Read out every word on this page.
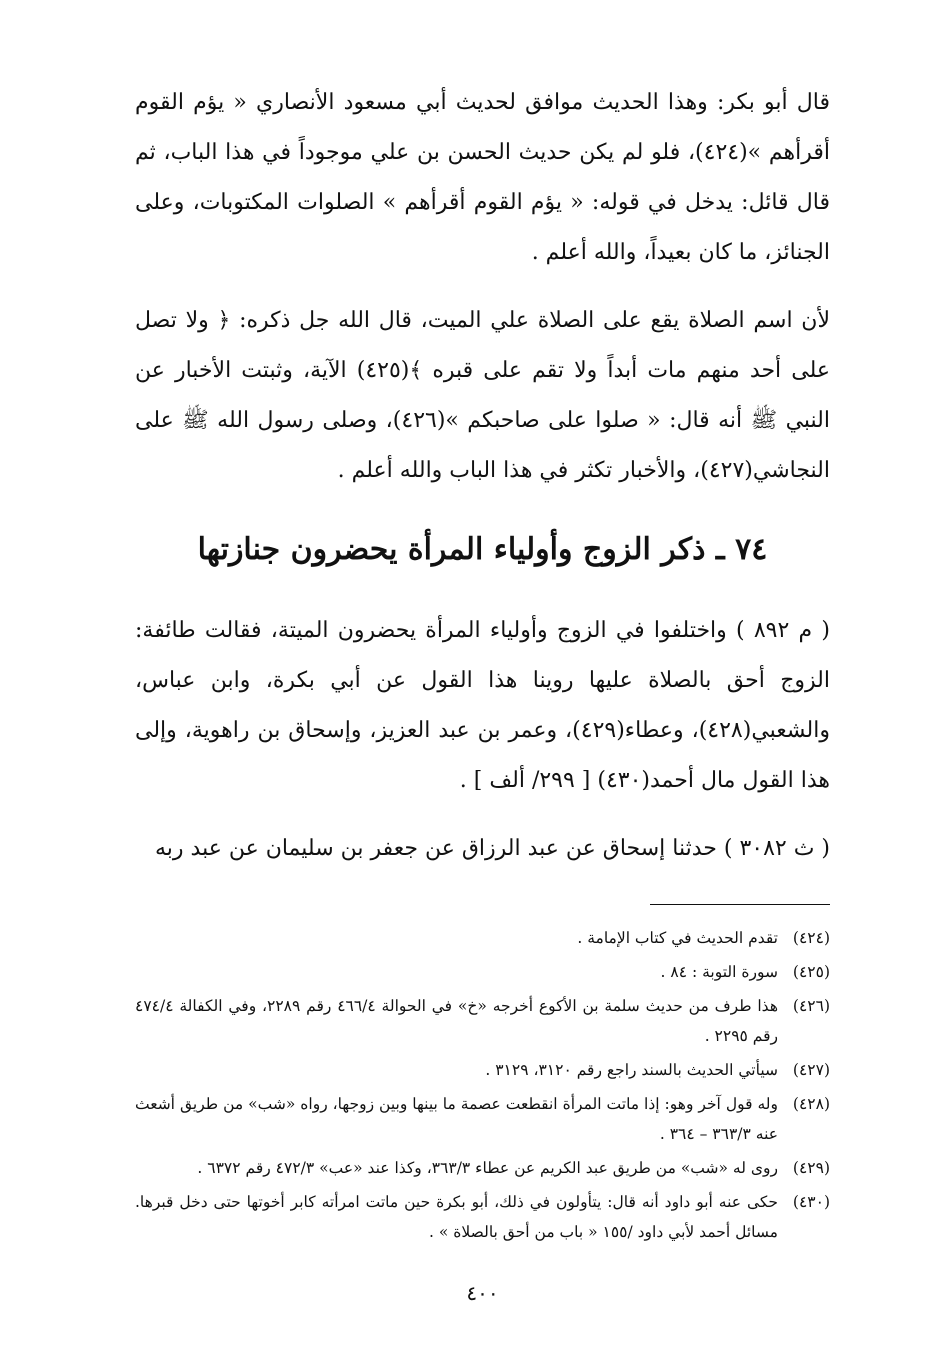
قال أبو بكر: وهذا الحديث موافق لحديث أبي مسعود الأنصاري « يؤم القوم أقرأهم »(٤٢٤)، فلو لم يكن حديث الحسن بن علي موجوداً في هذا الباب، ثم قال قائل: يدخل في قوله: « يؤم القوم أقرأهم » الصلوات المكتوبات، وعلى الجنائز، ما كان بعيداً، والله أعلم .

لأن اسم الصلاة يقع على الصلاة علي الميت، قال الله جل ذكره: ﴿ ولا تصل على أحد منهم مات أبداً ولا تقم على قبره ﴾(٤٢٥) الآية، وثبتت الأخبار عن النبي ﷺ أنه قال: « صلوا على صاحبكم »(٤٢٦)، وصلى رسول الله ﷺ على النجاشي(٤٢٧)، والأخبار تكثر في هذا الباب والله أعلم .

٧٤ ـ ذكر الزوج وأولياء المرأة يحضرون جنازتها

( م ٨٩٢ ) واختلفوا في الزوج وأولياء المرأة يحضرون الميتة، فقالت طائفة: الزوج أحق بالصلاة عليها روينا هذا القول عن أبي بكرة، وابن عباس، والشعبي(٤٢٨)، وعطاء(٤٢٩)، وعمر بن عبد العزيز، وإسحاق بن راهوية، وإلى هذا القول مال أحمد(٤٣٠) [ ٢٩٩/ ألف ] .

( ث ٣٠٨٢ ) حدثنا إسحاق عن عبد الرزاق عن جعفر بن سليمان عن عبد ربه

(٤٢٤)
تقدم الحديث في كتاب الإمامة .
(٤٢٥)
سورة التوبة : ٨٤ .
(٤٢٦)
هذا طرف من حديث سلمة بن الأكوع أخرجه «خ» في الحوالة ٤٦٦/٤ رقم ٢٢٨٩، وفي الكفالة ٤٧٤/٤ رقم ٢٢٩٥ .
(٤٢٧)
سيأتي الحديث بالسند راجع رقم ٣١٢٠، ٣١٢٩ .
(٤٢٨)
وله قول آخر وهو: إذا ماتت المرأة انقطعت عصمة ما بينها وبين زوجها، رواه «شب» من طريق أشعث عنه ٣٦٣/٣ – ٣٦٤ .
(٤٢٩)
روى له «شب» من طريق عبد الكريم عن عطاء ٣٦٣/٣، وكذا عند «عب» ٤٧٢/٣ رقم ٦٣٧٢ .
(٤٣٠)
حكى عنه أبو داود أنه قال: يتأولون في ذلك، أبو بكرة حين ماتت امرأته كابر أخوتها حتى دخل قبرها. مسائل أحمد لأبي داود /١٥٥ « باب من أحق بالصلاة » .
٤٠٠
